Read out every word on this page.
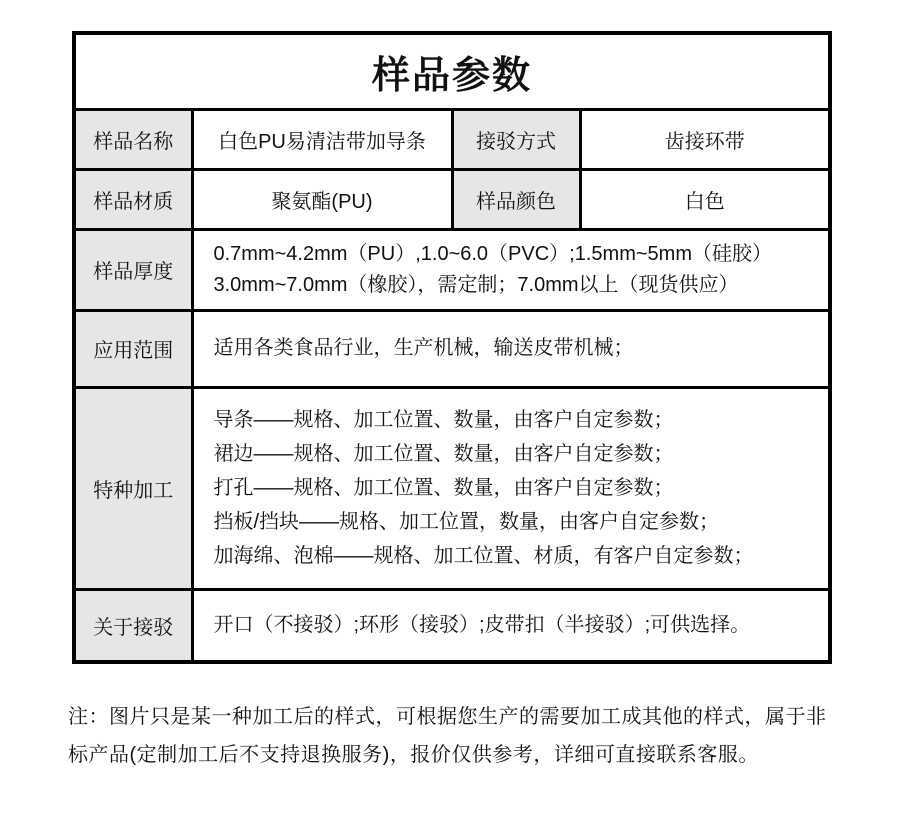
样品参数			
样品名称	白色PU易清洁带加导条	接驳方式	齿接环带
样品材质	聚氨酯(PU)	样品颜色	白色
样品厚度	0.7mm~4.2mm（PU）,1.0~6.0（PVC）;1.5mm~5mm（硅胶）
3.0mm~7.0mm（橡胶），需定制；7.0mm以上（现货供应）		

应用范围	适用各类食品行业，生产机械，输送皮带机械；		
特种加工	导条——规格、加工位置、数量，由客户自定参数；
裙边——规格、加工位置、数量，由客户自定参数；
打孔——规格、加工位置、数量，由客户自定参数；
挡板/挡块——规格、加工位置，数量，由客户自定参数；
加海绵、泡棉——规格、加工位置、材质，有客户自定参数；		

关于接驳	开口（不接驳）;环形（接驳）;皮带扣（半接驳）;可供选择。		

注：图片只是某一种加工后的样式，可根据您生产的需要加工成其他的样式，属于非标产品(定制加工后不支持退换服务)，报价仅供参考，详细可直接联系客服。
